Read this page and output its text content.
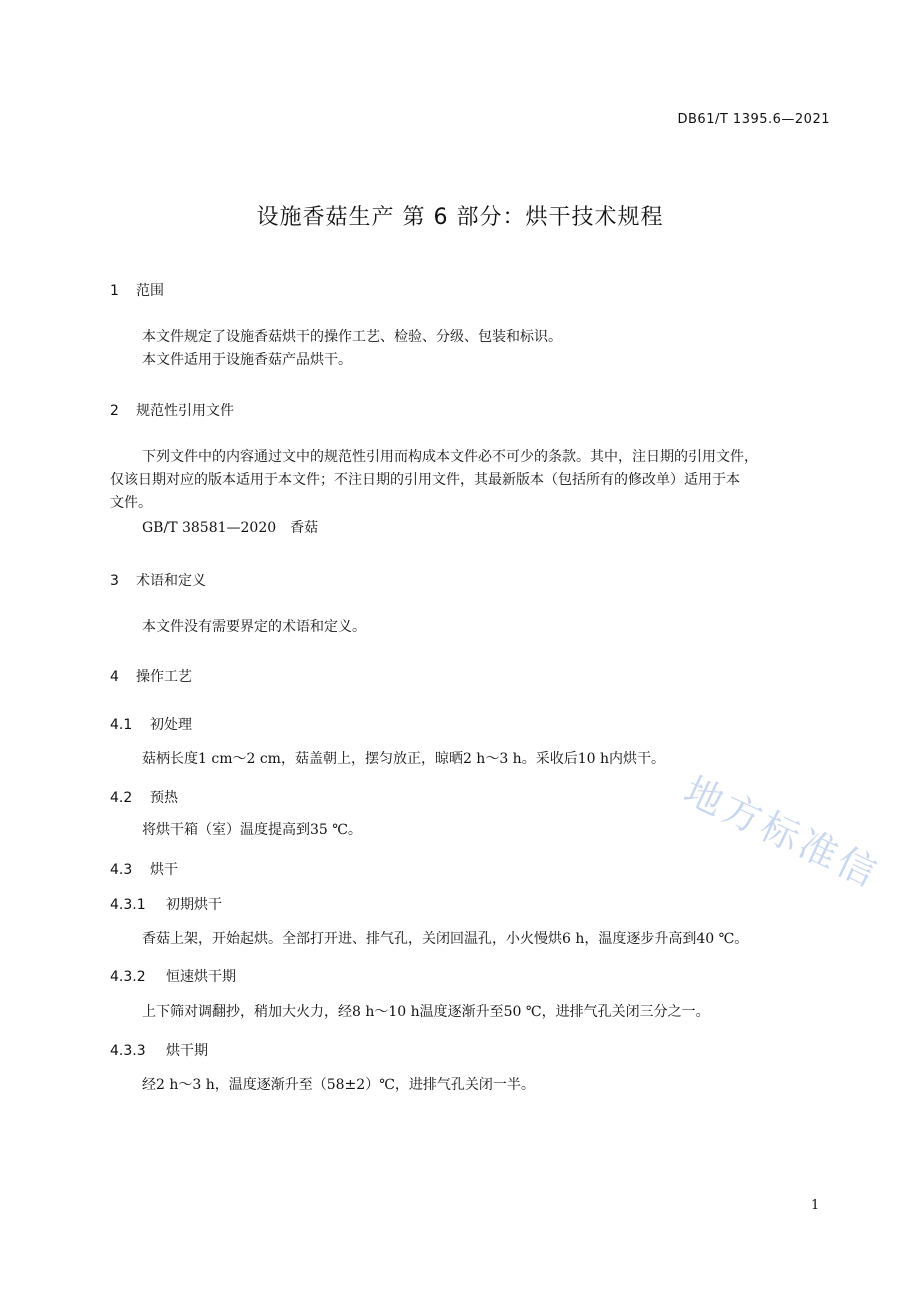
DB61/T 1395.6—2021
设施香菇生产 第 6 部分：烘干技术规程
1 范围
本文件规定了设施香菇烘干的操作工艺、检验、分级、包装和标识。
本文件适用于设施香菇产品烘干。
2 规范性引用文件
下列文件中的内容通过文中的规范性引用而构成本文件必不可少的条款。其中，注日期的引用文件，
仅该日期对应的版本适用于本文件；不注日期的引用文件，其最新版本（包括所有的修改单）适用于本
文件。
GB/T 38581—2020　香菇
3 术语和定义
本文件没有需要界定的术语和定义。
4 操作工艺
4.1 初处理
菇柄长度1 cm～2 cm，菇盖朝上，摆匀放正，晾晒2 h～3 h。采收后10 h内烘干。
4.2 预热
将烘干箱（室）温度提高到35 ℃。
4.3 烘干
4.3.1 初期烘干
香菇上架，开始起烘。全部打开进、排气孔，关闭回温孔，小火慢烘6 h，温度逐步升高到40 ℃。
4.3.2 恒速烘干期
上下筛对调翻抄，稍加大火力，经8 h～10 h温度逐渐升至50 ℃，进排气孔关闭三分之一。
4.3.3 烘干期
经2 h～3 h，温度逐渐升至（58±2）℃，进排气孔关闭一半。
地方标准信
1
